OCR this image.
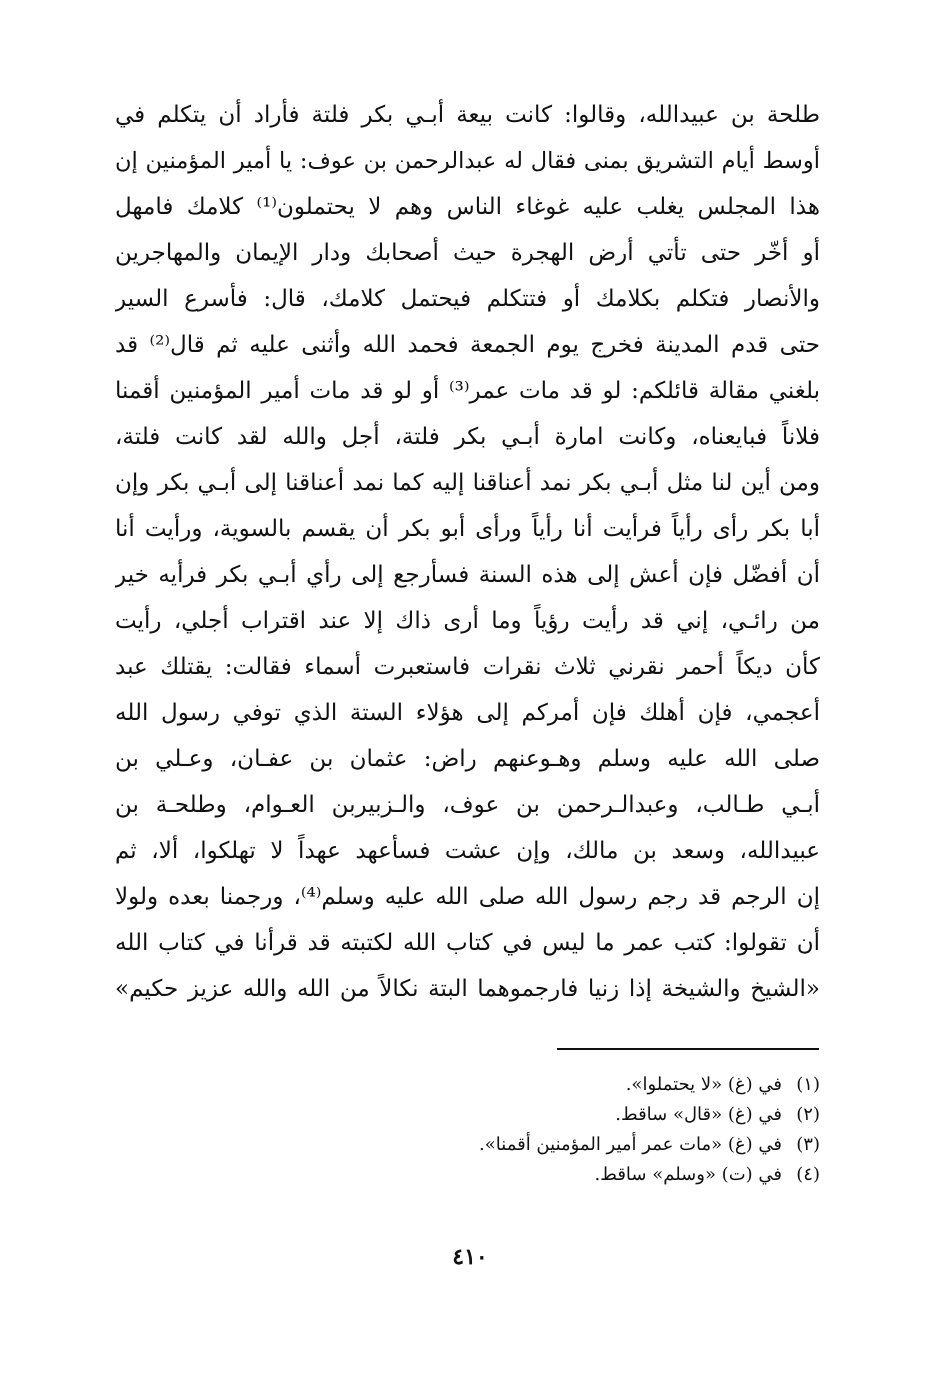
طلحة بن عبيدالله، وقالوا: كانت بيعة أبـي بكر فلتة فأراد أن يتكلم في
أوسط أيام التشريق بمنى فقال له عبدالرحمن بن عوف: يا أمير المؤمنين إن
هذا المجلس يغلب عليه غوغاء الناس وهم لا يحتملون⁽¹⁾ كلامك فامهل
أو أخّر حتى تأتي أرض الهجرة حيث أصحابك ودار الإيمان والمهاجرين
والأنصار فتكلم بكلامك أو فتتكلم فيحتمل كلامك، قال: فأسرع السير
حتى قدم المدينة فخرج يوم الجمعة فحمد الله وأثنى عليه ثم قال⁽²⁾ قد
بلغني مقالة قائلكم: لو قد مات عمر⁽³⁾ أو لو قد مات أمير المؤمنين أقمنا
فلاناً فبايعناه، وكانت امارة أبـي بكر فلتة، أجل والله لقد كانت فلتة،
ومن أين لنا مثل أبـي بكر نمد أعناقنا إليه كما نمد أعناقنا إلى أبـي بكر وإن
أبا بكر رأى رأياً فرأيت أنا رأياً ورأى أبو بكر أن يقسم بالسوية، ورأيت أنا
أن أفضّل فإن أعش إلى هذه السنة فسأرجع إلى رأي أبـي بكر فرأيه خير
من رائـي، إني قد رأيت رؤياً وما أرى ذاك إلا عند اقتراب أجلي، رأيت
كأن ديكاً أحمر نقرني ثلاث نقرات فاستعبرت أسماء فقالت: يقتلك عبد
أعجمي، فإن أهلك فإن أمركم إلى هؤلاء الستة الذي توفي رسول الله
صلى الله عليه وسلم وهـوعنهم راض: عثمان بن عفـان، وعـلي بن
أبـي طـالب، وعبدالـرحمن بن عوف، والـزبيربن العـوام، وطلحـة بن
عبيدالله، وسعد بن مالك، وإن عشت فسأعهد عهداً لا تهلكوا، ألا، ثم
إن الرجم قد رجم رسول الله صلى الله عليه وسلم⁽⁴⁾، ورجمنا بعده ولولا
أن تقولوا: كتب عمر ما ليس في كتاب الله لكتبته قد قرأنا في كتاب الله
«الشيخ والشيخة إذا زنيا فارجموهما البتة نكالاً من الله والله عزيز حكيم»
(١)
في (غ) «لا يحتملوا».
(٢)
في (غ) «قال» ساقط.
(٣)
في (غ) «مات عمر أمير المؤمنين أقمنا».
(٤)
في (ت) «وسلم» ساقط.
٤١٠
